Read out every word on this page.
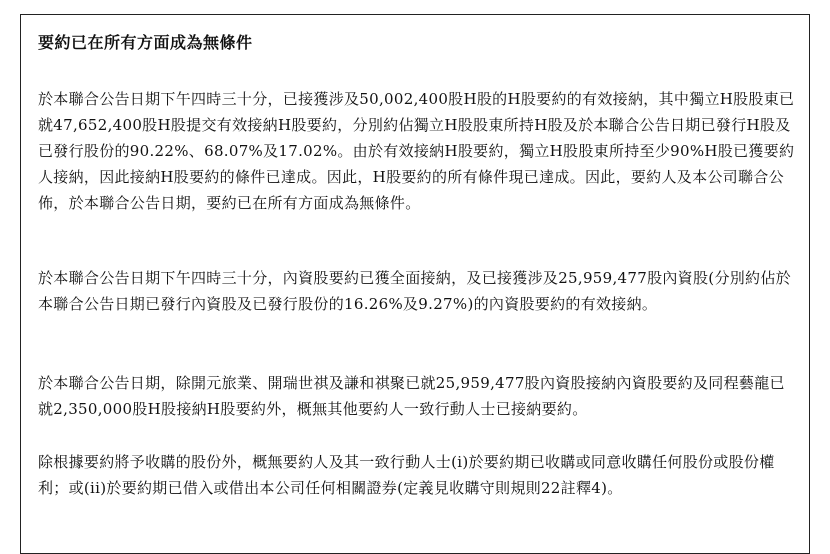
要約已在所有方面成為無條件

於本聯合公告日期下午四時三十分，已接獲涉及50,002,400股H股的H股要約的有效接納，其中獨立H股股東已就47,652,400股H股提交有效接納H股要約，分別約佔獨立H股股東所持H股及於本聯合公告日期已發行H股及已發行股份的90.22%、68.07%及17.02%。由於有效接納H股要約，獨立H股股東所持至少90%H股已獲要約人接納，因此接納H股要約的條件已達成。因此，H股要約的所有條件現已達成。因此，要約人及本公司聯合公佈，於本聯合公告日期，要約已在所有方面成為無條件。

於本聯合公告日期下午四時三十分，內資股要約已獲全面接納，及已接獲涉及25,959,477股內資股(分別約佔於本聯合公告日期已發行內資股及已發行股份的16.26%及9.27%)的內資股要約的有效接納。

於本聯合公告日期，除開元旅業、開瑞世祺及謙和祺聚已就25,959,477股內資股接納內資股要約及同程藝龍已就2,350,000股H股接納H股要約外，概無其他要約人一致行動人士已接納要約。

除根據要約將予收購的股份外，概無要約人及其一致行動人士(i)於要約期已收購或同意收購任何股份或股份權利；或(ii)於要約期已借入或借出本公司任何相關證券(定義見收購守則規則22註釋4)。
